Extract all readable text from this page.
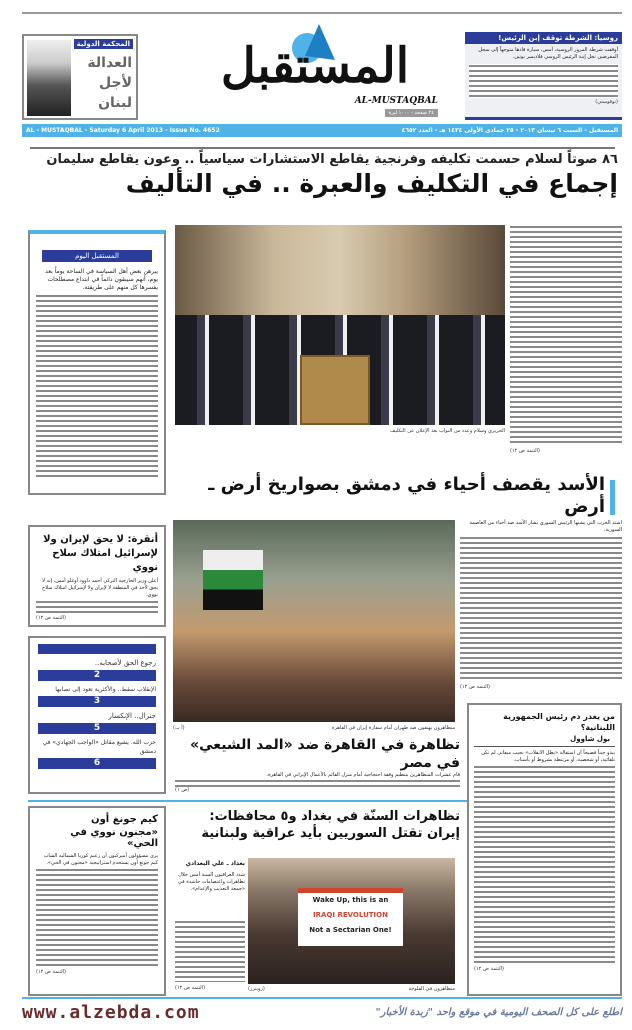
المحكمة الدولية
العدالة
لأجل
لبنان
المستقبل
AL-MUSTAQBAL
٢٤ صفحة - ١٠٠٠ ليرة
روسيا: الشرطة توقف إبن الرئيس!
أوقفت شرطة المرور الروسية، أمس، سيارة قادها متوجهاً إلى سجل المفرضين نجل إبنة الرئيس الروسي فلاديمير بوتين.
(نوفوستي)
AL - MUSTAQBAL - Saturday 6 April 2013 - Issue No. 4652	المستقبل - السبت ٦ نيسان ٢٠١٣ - ٢٥ جمادى الأولى ١٤٣٤ هـ - العدد ٤٦٥٢
٨٦ صوتاً لسلام حسمت تكليفه وفرنجية يقاطع الاستشارات سياسياً .. وعون يقاطع سليمان
إجماع في التكليف والعبرة .. في التأليف
المستقبل اليوم
يبرهن بعض أهل السياسة في الساحة يوماً بعد يوم، أنهم سيبقون دائماً في ابتداع مصطلحات يفسرها كل منهم على طريقته.
أنقرة: لا يحق لإيران ولا لإسرائيل امتلاك سلاح نووي
أعلن وزير الخارجية التركي أحمد داوود أوغلو أمس، إنه لا يحق لأحد في المنطقة لا لإيران ولا لإسرائيل امتلاك سلاح نووي.
(التتمة ص ١٢)
رجوع الحق لأصحابه..
2
الإنقلاب سقط.. والأكثرية تعود إلى نصابها
3
جنرال.. الإنكسار
5
حزب الله. يشيع مقاتل «الواجب الجهادي» في دمشق
6
كيم جونغ أون
«مجنون نووي في الحي»
يرى مسؤولون أميركيون أن زعيم كوريا الشمالية الشاب كيم جونغ أون يستخدم استراتيجية «مجنون في الحي».
(التتمة ص ١٢)
الحريري وسلام وعدد من النواب بعد الإعلان عن التكليف
(التتمة ص ١٢)
الأسد يقصف أحياء في دمشق بصواريخ أرض ـ أرض
متظاهرون يهتفون ضد طهران أمام سفارة إيران في القاهرة
(أ ب)
اشتد الحرب التي يشنها الرئيس السوري بشار الأسد ضد أحياء من العاصمة السورية.
(التتمة ص ١٢)
من يغدر دم رئيس الجمهورية اللبنانية؟
بول شاوول
يبدو حيناً فضيحاً أن استقالة «بطل الانقلاب» نجيب ميقاتي لم تكن تلقائية، أو شخصية، أو مرتبطة بشروط أو بأسباب.
(التتمة ص ١٢)
تظاهرة في القاهرة ضد «المد الشيعي» في مصر
قام عشرات المتظاهرين بتنظيم وقفة احتجاجية أمام منزل القائم بالأعمال الإيراني في القاهرة.
(ص ١)
تظاهرات السنّة في بغداد و٥ محافظات:
إيران تقتل السوريين بأيد عراقية ولبنانية
بغداد ـ علي البغدادي
شدد العراقيون السنة أمس خلال تظاهرات واعتصامات حاشدة في «جمعة التعذيب والإعدام».
(التتمة ص ١٢)
Wake Up, this is an
IRAQI REVOLUTION
Not a Sectarian One!
متظاهرون في الفلوجة
(رويترز)
www.alzebda.com	اطلع على كل الصحف اليومية في موقع واحد "زبدة الأخبار"
